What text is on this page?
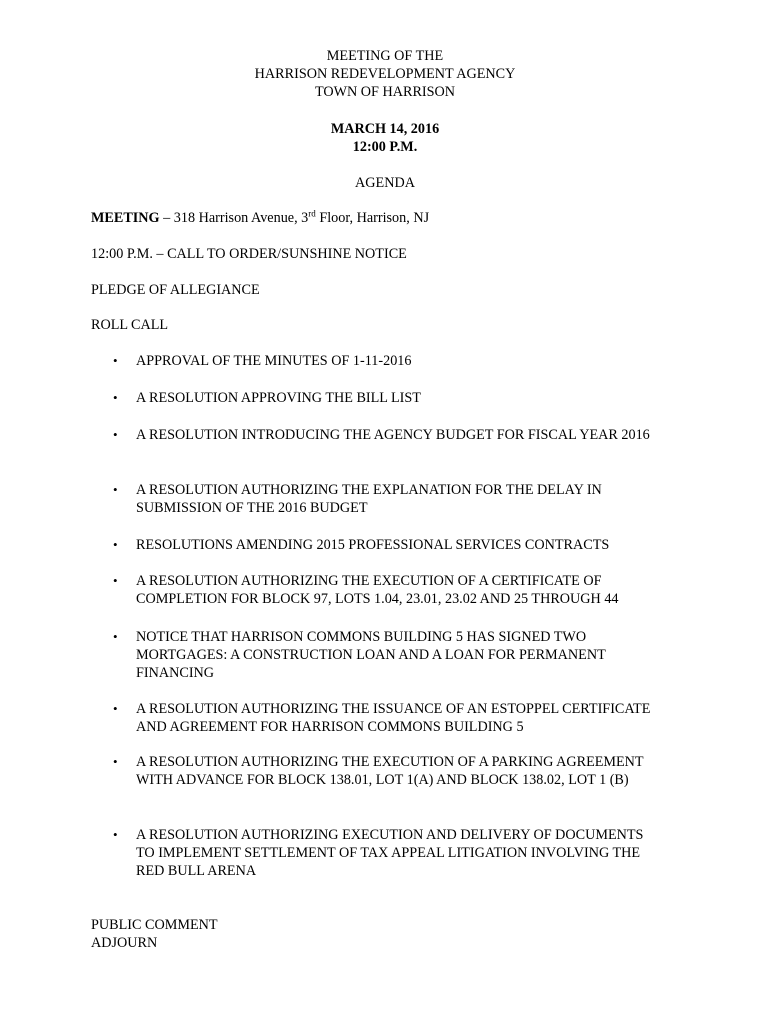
MEETING OF THE
HARRISON REDEVELOPMENT AGENCY
TOWN OF HARRISON
MARCH 14, 2016
12:00 P.M.
AGENDA
MEETING – 318 Harrison Avenue, 3rd Floor, Harrison, NJ
12:00 P.M. – CALL TO ORDER/SUNSHINE NOTICE
PLEDGE OF ALLEGIANCE
ROLL CALL
• APPROVAL OF THE MINUTES OF 1-11-2016
• A RESOLUTION APPROVING THE BILL LIST
• A RESOLUTION INTRODUCING THE AGENCY BUDGET FOR FISCAL YEAR 2016
• A RESOLUTION AUTHORIZING THE EXPLANATION FOR THE DELAY IN SUBMISSION OF THE 2016 BUDGET
• RESOLUTIONS AMENDING 2015 PROFESSIONAL SERVICES CONTRACTS
• A RESOLUTION AUTHORIZING THE EXECUTION OF A CERTIFICATE OF COMPLETION FOR BLOCK 97, LOTS 1.04, 23.01, 23.02 AND 25 THROUGH 44
• NOTICE THAT HARRISON COMMONS BUILDING 5 HAS SIGNED TWO MORTGAGES: A CONSTRUCTION LOAN AND A LOAN FOR PERMANENT FINANCING
• A RESOLUTION AUTHORIZING THE ISSUANCE OF AN ESTOPPEL CERTIFICATE AND AGREEMENT FOR HARRISON COMMONS BUILDING 5
• A RESOLUTION AUTHORIZING THE EXECUTION OF A PARKING AGREEMENT WITH ADVANCE FOR BLOCK 138.01, LOT 1(A) AND BLOCK 138.02, LOT 1 (B)
• A RESOLUTION AUTHORIZING EXECUTION AND DELIVERY OF DOCUMENTS TO IMPLEMENT SETTLEMENT OF TAX APPEAL LITIGATION INVOLVING THE RED BULL ARENA
PUBLIC COMMENT
ADJOURN
